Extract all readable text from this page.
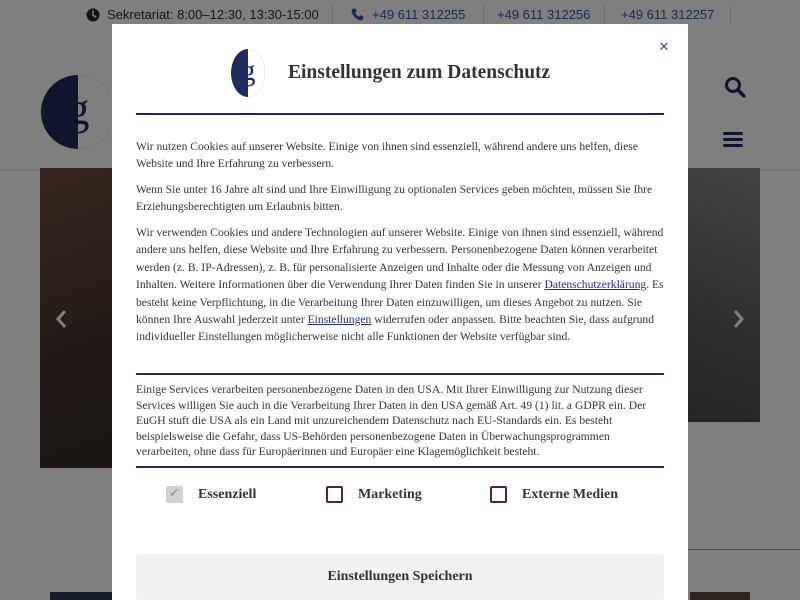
g Einstellungen zum Datenschutz
✕

Wir nutzen Cookies auf unserer Website. Einige von ihnen sind essenziell, während andere uns helfen, diese Website und Ihre Erfahrung zu verbessern.

Wenn Sie unter 16 Jahre alt sind und Ihre Einwilligung zu optionalen Services geben möchten, müssen Sie Ihre Erziehungsberechtigten um Erlaubnis bitten.

Wir verwenden Cookies und andere Technologien auf unserer Website. Einige von ihnen sind essenziell, während andere uns helfen, diese Website und Ihre Erfahrung zu verbessern. Personenbezogene Daten können verarbeitet werden (z. B. IP-Adressen), z. B. für personalisierte Anzeigen und Inhalte oder die Messung von Anzeigen und Inhalten. Weitere Informationen über die Verwendung Ihrer Daten finden Sie in unserer Datenschutzerklärung. Es besteht keine Verpflichtung, in die Verarbeitung Ihrer Daten einzuwilligen, um dieses Angebot zu nutzen. Sie können Ihre Auswahl jederzeit unter Einstellungen widerrufen oder anpassen. Bitte beachten Sie, dass aufgrund individueller Einstellungen möglicherweise nicht alle Funktionen der Website verfügbar sind.

Einige Services verarbeiten personenbezogene Daten in den USA. Mit Ihrer Einwilligung zur Nutzung dieser Services willigen Sie auch in die Verarbeitung Ihrer Daten in den USA gemäß Art. 49 (1) lit. a GDPR ein. Der EuGH stuft die USA als ein Land mit unzureichendem Datenschutz nach EU-Standards ein. Es besteht beispielsweise die Gefahr, dass US-Behörden personenbezogene Daten in Überwachungsprogrammen verarbeiten, ohne dass für Europäerinnen und Europäer eine Klagemöglichkeit besteht.

✔
Essenziell	Marketing	Externe Medien
Einstellungen Speichern
